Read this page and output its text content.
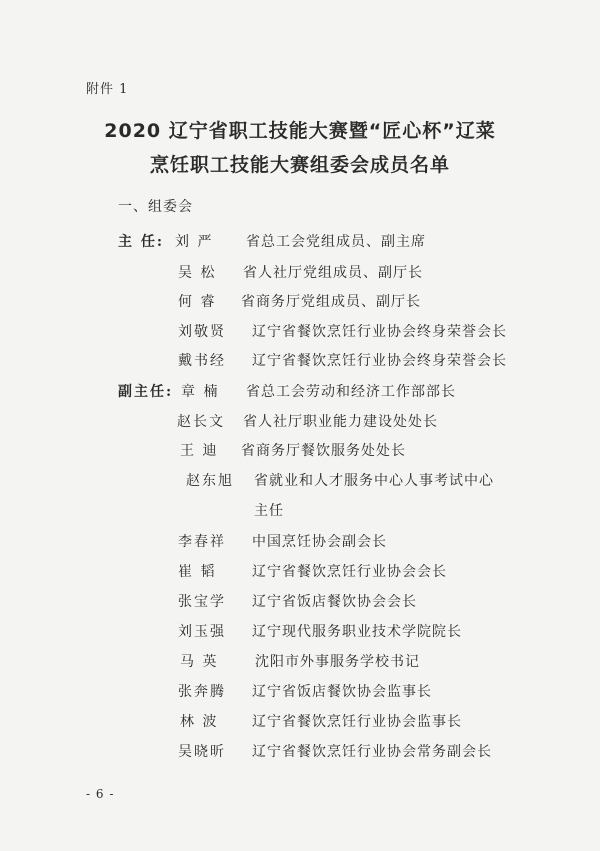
附件 1
2020 辽宁省职工技能大赛暨“匠心杯”辽菜
烹饪职工技能大赛组委会成员名单
一、组委会
主 任: 刘 严 省总工会党组成员、副主席
吴 松 省人社厅党组成员、副厅长
何 睿 省商务厅党组成员、副厅长
刘敬贤 辽宁省餐饮烹饪行业协会终身荣誉会长
戴书经 辽宁省餐饮烹饪行业协会终身荣誉会长
副主任: 章 楠 省总工会劳动和经济工作部部长
赵长文 省人社厅职业能力建设处处长
王 迪 省商务厅餐饮服务处处长
赵东旭 省就业和人才服务中心人事考试中心
主任
李春祥 中国烹饪协会副会长
崔 韬	辽宁省餐饮烹饪行业协会会长
张宝学 辽宁省饭店餐饮协会会长
刘玉强 辽宁现代服务职业技术学院院长
马 英	沈阳市外事服务学校书记
张奔腾 辽宁省饭店餐饮协会监事长
林 波 辽宁省餐饮烹饪行业协会监事长
吴晓昕 辽宁省餐饮烹饪行业协会常务副会长
- 6 -
